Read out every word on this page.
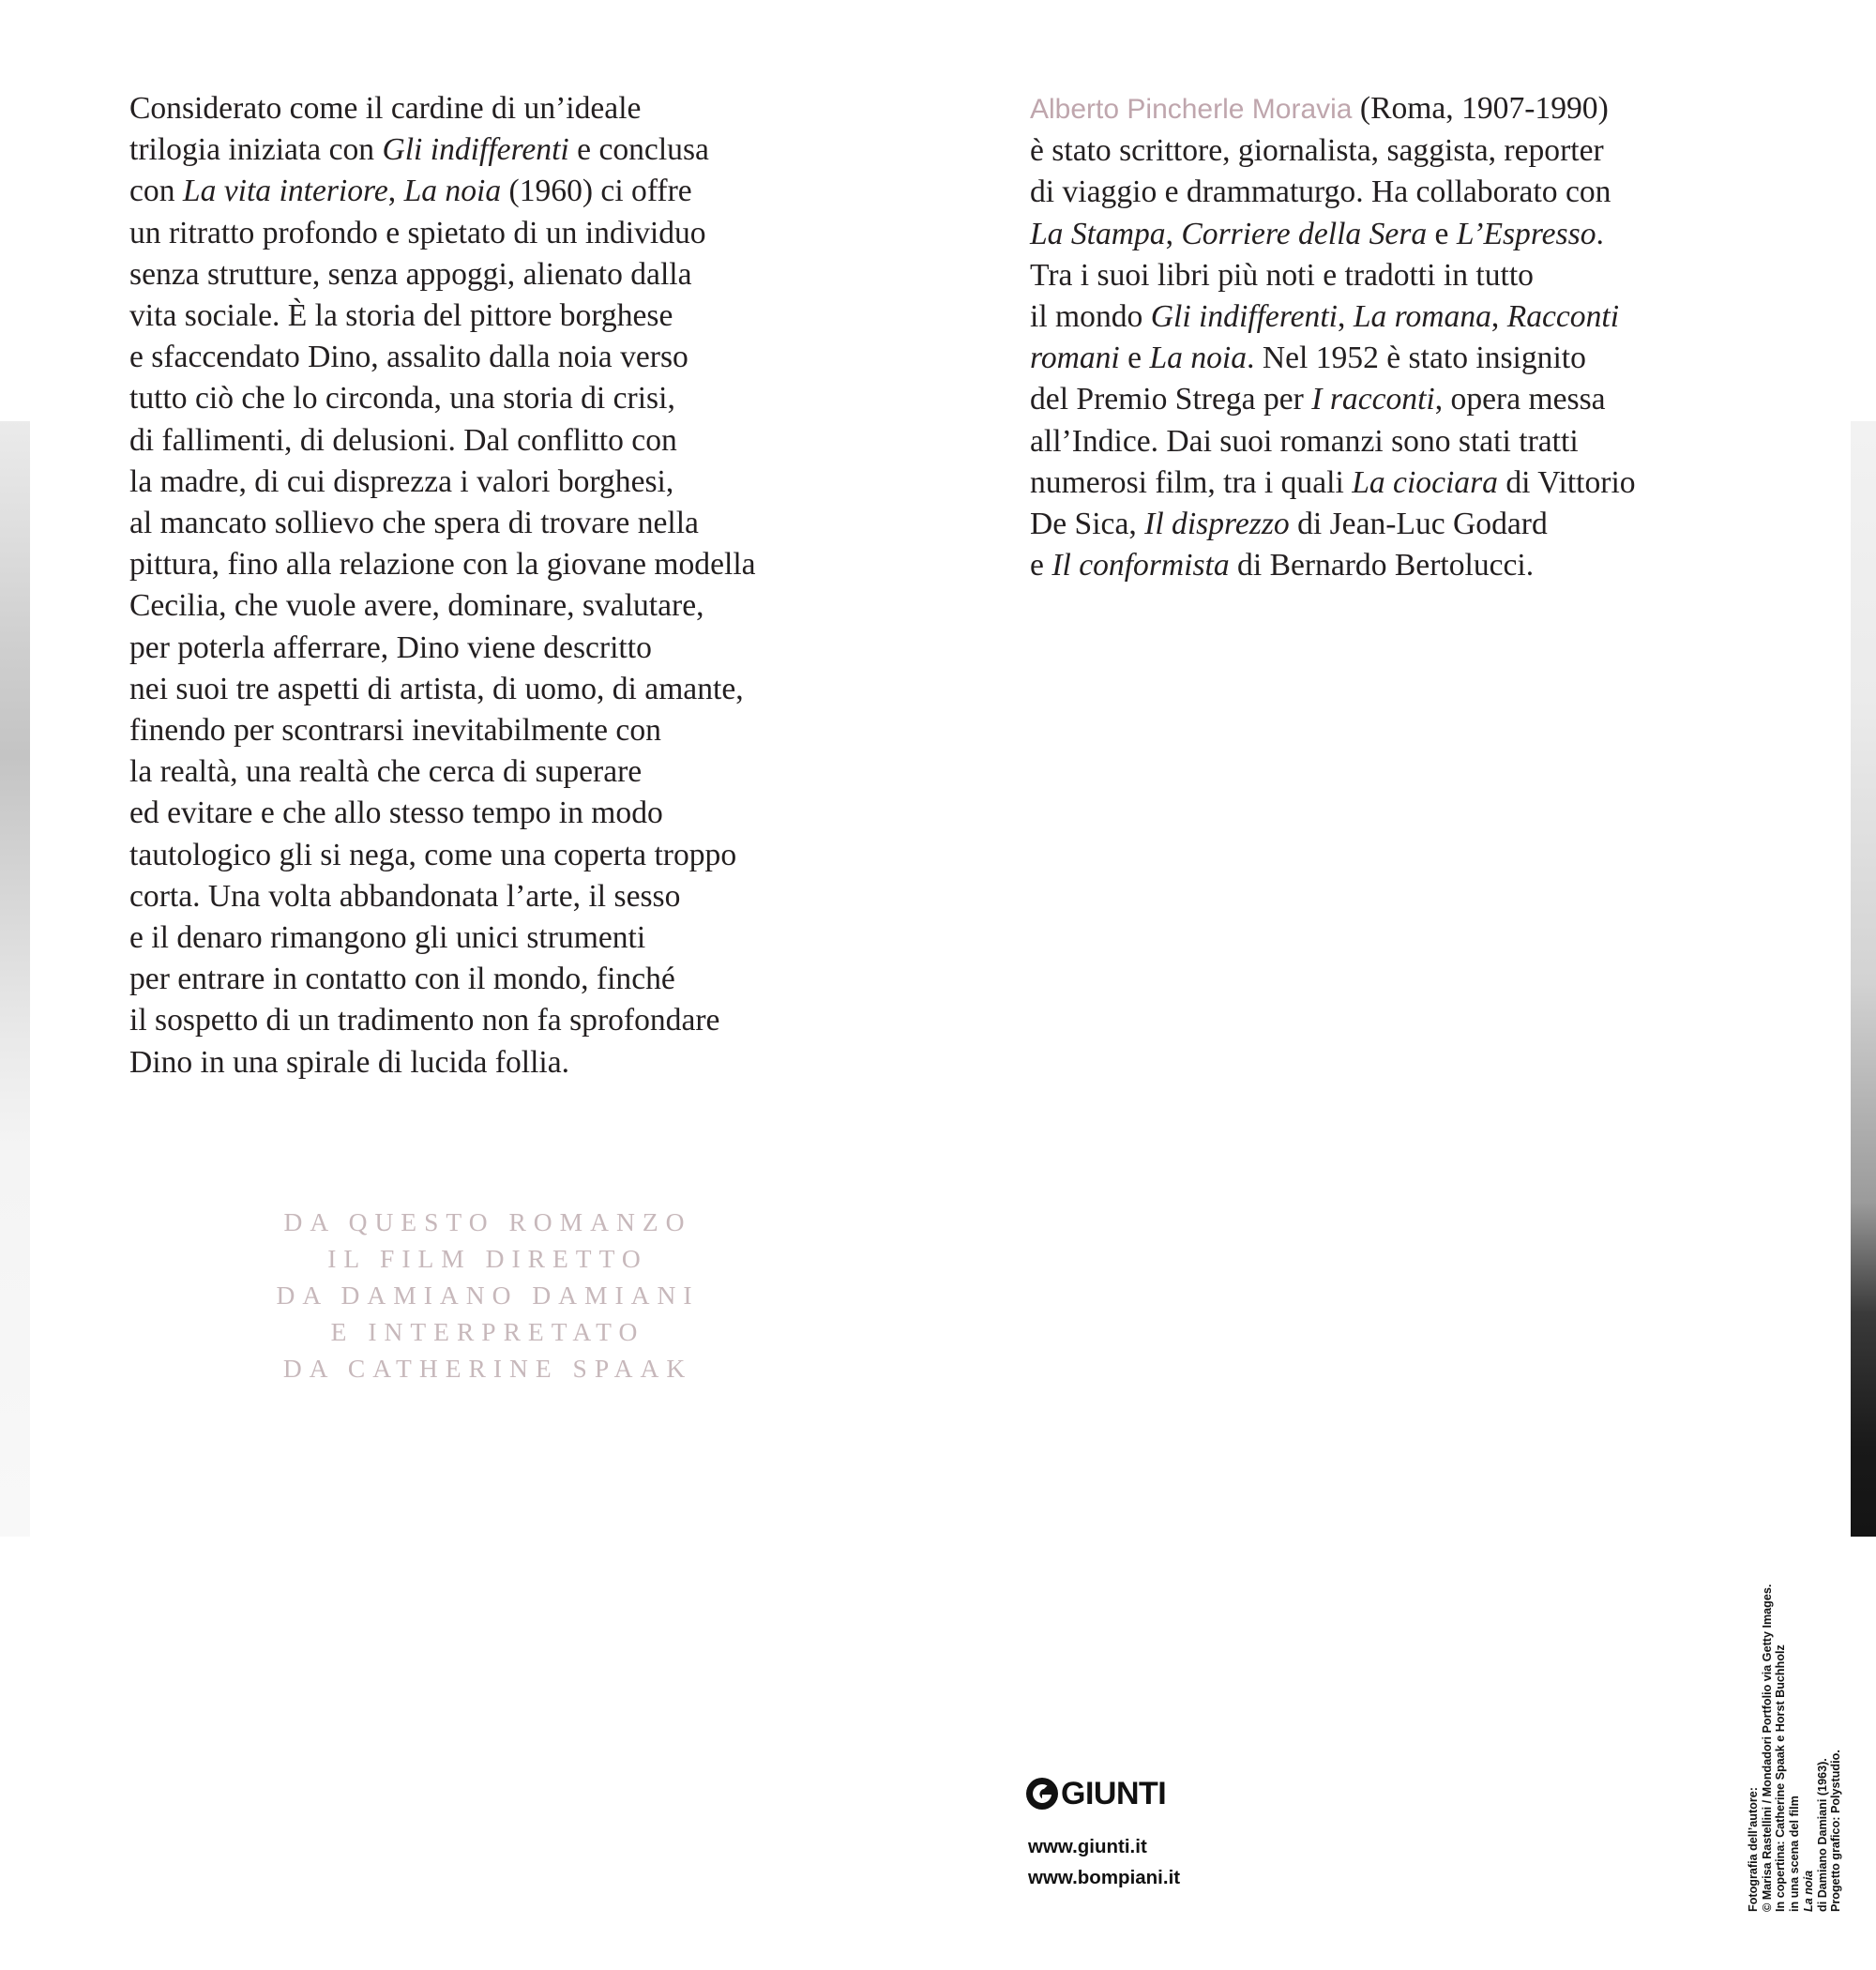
Considerato come il cardine di un’ideale
trilogia iniziata con Gli indifferenti e conclusa
con La vita interiore, La noia (1960) ci offre
un ritratto profondo e spietato di un individuo
senza strutture, senza appoggi, alienato dalla
vita sociale. È la storia del pittore borghese
e sfaccendato Dino, assalito dalla noia verso
tutto ciò che lo circonda, una storia di crisi,
di fallimenti, di delusioni. Dal conflitto con
la madre, di cui disprezza i valori borghesi,
al mancato sollievo che spera di trovare nella
pittura, fino alla relazione con la giovane modella
Cecilia, che vuole avere, dominare, svalutare,
per poterla afferrare, Dino viene descritto
nei suoi tre aspetti di artista, di uomo, di amante,
finendo per scontrarsi inevitabilmente con
la realtà, una realtà che cerca di superare
ed evitare e che allo stesso tempo in modo
tautologico gli si nega, come una coperta troppo
corta. Una volta abbandonata l’arte, il sesso
e il denaro rimangono gli unici strumenti
per entrare in contatto con il mondo, finché
il sospetto di un tradimento non fa sprofondare
Dino in una spirale di lucida follia.
Alberto Pincherle Moravia (Roma, 1907-1990)
è stato scrittore, giornalista, saggista, reporter
di viaggio e drammaturgo. Ha collaborato con
La Stampa, Corriere della Sera e L’Espresso.
Tra i suoi libri più noti e tradotti in tutto
il mondo Gli indifferenti, La romana, Racconti
romani e La noia. Nel 1952 è stato insignito
del Premio Strega per I racconti, opera messa
all’Indice. Dai suoi romanzi sono stati tratti
numerosi film, tra i quali La ciociara di Vittorio
De Sica, Il disprezzo di Jean-Luc Godard
e Il conformista di Bernardo Bertolucci.
DA QUESTO ROMANZO
IL FILM DIRETTO
DA DAMIANO DAMIANI
E INTERPRETATO
DA CATHERINE SPAAK
GIUNTI
www.giunti.it
www.bompiani.it	Fotografia dell’autore: © Marisa Rastellini / Mondadori Portfolio via Getty Images. In copertina: Catherine Spaak e Horst Buchholz in una scena del film La noia di Damiano Damiani (1963). Progetto grafico: Polystudio.
